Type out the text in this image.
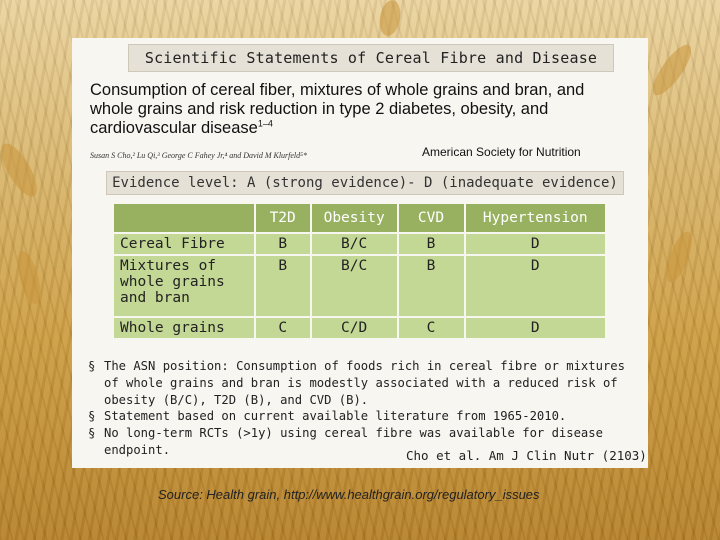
Scientific Statements of Cereal Fibre and Disease
Consumption of cereal fiber, mixtures of whole grains and bran, and whole grains and risk reduction in type 2 diabetes, obesity, and cardiovascular disease$^{1-4}$
Susan S Cho,² Lu Qi,³ George C Fahey Jr,⁴ and David M Klurfeld⁵*	American Society for Nutrition
Evidence level: A (strong evidence)- D (inadequate evidence)
	T2D	Obesity	CVD	Hypertension
Cereal Fibre	B	B/C	B	D
Mixtures of whole grains and bran	B	B/C	B	D
Whole grains	C	C/D	C	D
§ The ASN position: Consumption of foods rich in cereal fibre or mixtures of whole grains and bran is modestly associated with a reduced risk of obesity (B/C), T2D (B), and CVD (B).
§ Statement based on current available literature from 1965-2010.
§ No long-term RCTs (>1y) using cereal fibre was available for disease endpoint.	Cho et al. Am J Clin Nutr (2103)
Source: Health grain, http://www.healthgrain.org/regulatory_issues
